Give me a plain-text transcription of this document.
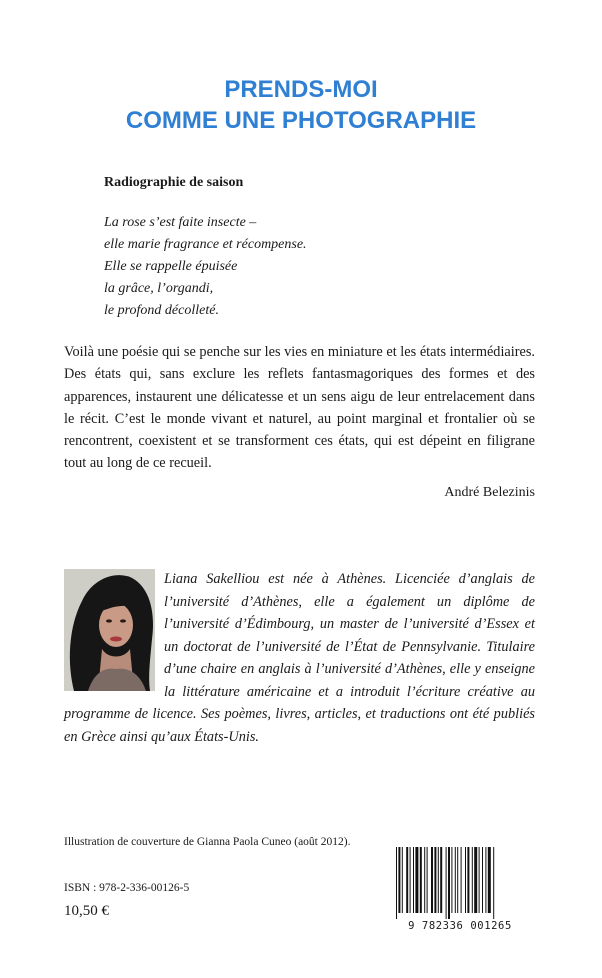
PRENDS-MOI
COMME UNE PHOTOGRAPHIE
Radiographie de saison
La rose s’est faite insecte –
elle marie fragrance et récompense.
Elle se rappelle épuisée
la grâce, l’organdi,
le profond décolleté.

Voilà une poésie qui se penche sur les vies en miniature et les états intermédiaires. Des états qui, sans exclure les reflets fantasmagoriques des formes et des apparences, instaurent une délicatesse et un sens aigu de leur entrelacement dans le récit. C’est le monde vivant et naturel, au point marginal et frontalier où se rencontrent, coexistent et se transforment ces états, qui est dépeint en filigrane tout au long de ce recueil.

André Belezinis

Liana Sakelliou est née à Athènes. Licenciée d’anglais de l’université d’Athènes, elle a également un diplôme de l’université d’Édimbourg, un master de l’université d’Essex et un doctorat de l’université de l’État de Pennsylvanie. Titulaire d’une chaire en anglais à l’université d’Athènes, elle y enseigne la littérature américaine et a introduit l’écriture créative au programme de licence. Ses poèmes, livres, articles, et traductions ont été publiés en Grèce ainsi qu’aux États-Unis.

Illustration de couverture de Gianna Paola Cuneo (août 2012).
ISBN : 978-2-336-00126-5
10,50 €
9 782336 001265
